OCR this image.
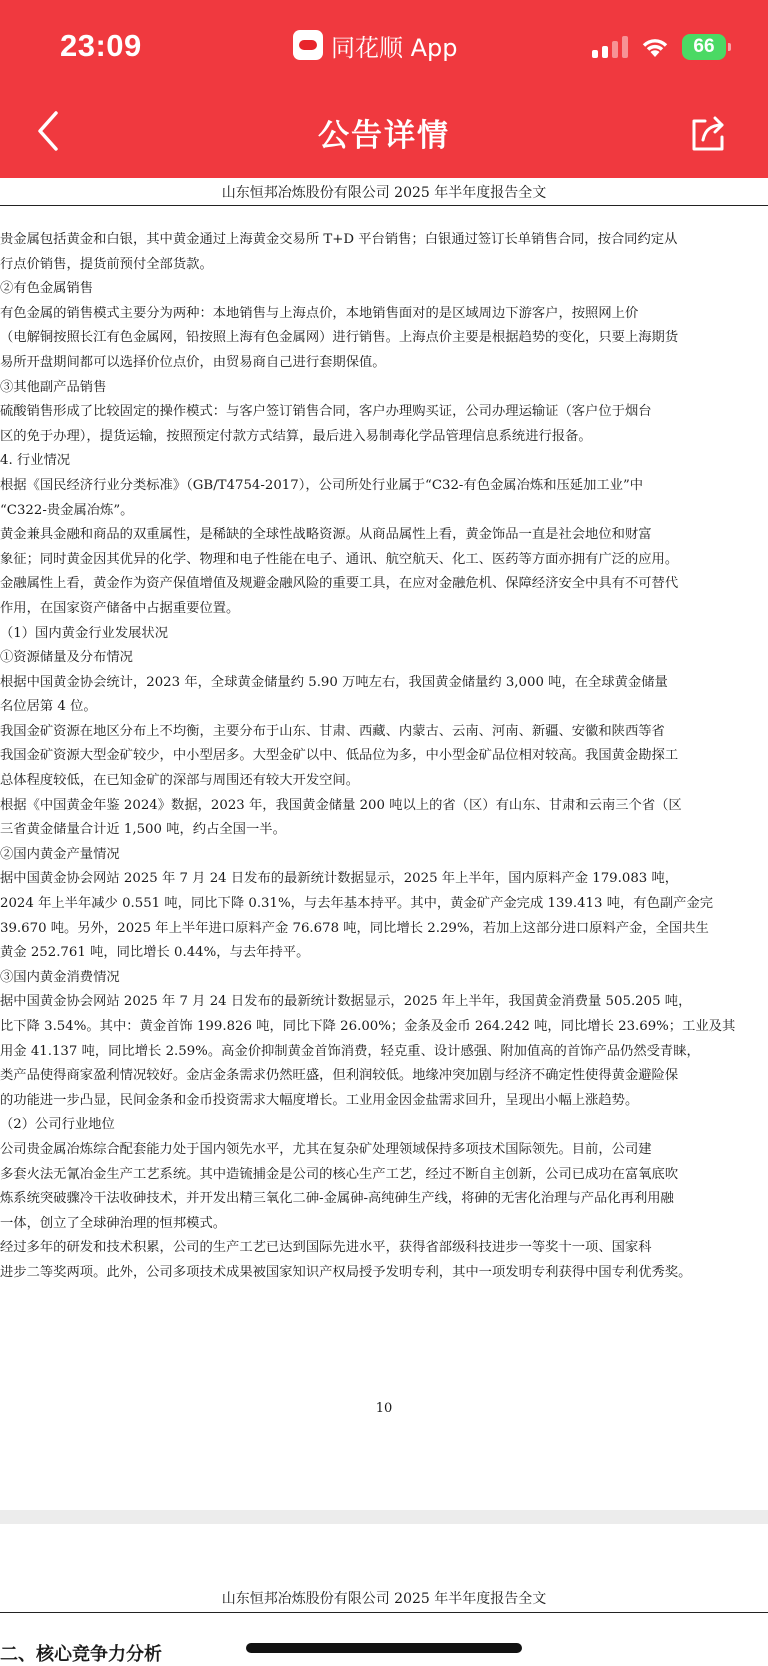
23:09	同花顺 App	66
公告详情
山东恒邦冶炼股份有限公司 2025 年半年度报告全文

贵金属包括黄金和白银，其中黄金通过上海黄金交易所 T+D 平台销售；白银通过签订长单销售合同，按合同约定从

行点价销售，提货前预付全部货款。

②有色金属销售

有色金属的销售模式主要分为两种：本地销售与上海点价，本地销售面对的是区域周边下游客户，按照网上价

（电解铜按照长江有色金属网，铅按照上海有色金属网）进行销售。上海点价主要是根据趋势的变化，只要上海期货

易所开盘期间都可以选择价位点价，由贸易商自己进行套期保值。

③其他副产品销售

硫酸销售形成了比较固定的操作模式：与客户签订销售合同，客户办理购买证，公司办理运输证（客户位于烟台

区的免于办理），提货运输，按照预定付款方式结算，最后进入易制毒化学品管理信息系统进行报备。

4. 行业情况

根据《国民经济行业分类标准》（GB/T4754-2017），公司所处行业属于“C32-有色金属冶炼和压延加工业”中

“C322-贵金属冶炼”。

黄金兼具金融和商品的双重属性，是稀缺的全球性战略资源。从商品属性上看，黄金饰品一直是社会地位和财富

象征；同时黄金因其优异的化学、物理和电子性能在电子、通讯、航空航天、化工、医药等方面亦拥有广泛的应用。

金融属性上看，黄金作为资产保值增值及规避金融风险的重要工具，在应对金融危机、保障经济安全中具有不可替代

作用，在国家资产储备中占据重要位置。

（1）国内黄金行业发展状况

①资源储量及分布情况

根据中国黄金协会统计，2023 年，全球黄金储量约 5.90 万吨左右，我国黄金储量约 3,000 吨，在全球黄金储量

名位居第 4 位。

我国金矿资源在地区分布上不均衡，主要分布于山东、甘肃、西藏、内蒙古、云南、河南、新疆、安徽和陕西等省

我国金矿资源大型金矿较少，中小型居多。大型金矿以中、低品位为多，中小型金矿品位相对较高。我国黄金勘探工

总体程度较低，在已知金矿的深部与周围还有较大开发空间。

根据《中国黄金年鉴 2024》数据，2023 年，我国黄金储量 200 吨以上的省（区）有山东、甘肃和云南三个省（区

三省黄金储量合计近 1,500 吨，约占全国一半。

②国内黄金产量情况

据中国黄金协会网站 2025 年 7 月 24 日发布的最新统计数据显示，2025 年上半年，国内原料产金 179.083 吨，

2024 年上半年减少 0.551 吨，同比下降 0.31%，与去年基本持平。其中，黄金矿产金完成 139.413 吨，有色副产金完

39.670 吨。另外，2025 年上半年进口原料产金 76.678 吨，同比增长 2.29%，若加上这部分进口原料产金，全国共生

黄金 252.761 吨，同比增长 0.44%，与去年持平。

③国内黄金消费情况

据中国黄金协会网站 2025 年 7 月 24 日发布的最新统计数据显示，2025 年上半年，我国黄金消费量 505.205 吨，

比下降 3.54%。其中：黄金首饰 199.826 吨，同比下降 26.00%；金条及金币 264.242 吨，同比增长 23.69%；工业及其

用金 41.137 吨，同比增长 2.59%。高金价抑制黄金首饰消费，轻克重、设计感强、附加值高的首饰产品仍然受青睐，

类产品使得商家盈利情况较好。金店金条需求仍然旺盛，但利润较低。地缘冲突加剧与经济不确定性使得黄金避险保

的功能进一步凸显，民间金条和金币投资需求大幅度增长。工业用金因金盐需求回升，呈现出小幅上涨趋势。

（2）公司行业地位

公司贵金属冶炼综合配套能力处于国内领先水平，尤其在复杂矿处理领域保持多项技术国际领先。目前，公司建

多套火法无氰冶金生产工艺系统。其中造锍捕金是公司的核心生产工艺，经过不断自主创新，公司已成功在富氧底吹

炼系统突破骤冷干法收砷技术，并开发出精三氧化二砷-金属砷-高纯砷生产线，将砷的无害化治理与产品化再利用融

一体，创立了全球砷治理的恒邦模式。

经过多年的研发和技术积累，公司的生产工艺已达到国际先进水平，获得省部级科技进步一等奖十一项、国家科

进步二等奖两项。此外，公司多项技术成果被国家知识产权局授予发明专利，其中一项发明专利获得中国专利优秀奖。

10
山东恒邦冶炼股份有限公司 2025 年半年度报告全文
二、核心竞争力分析
